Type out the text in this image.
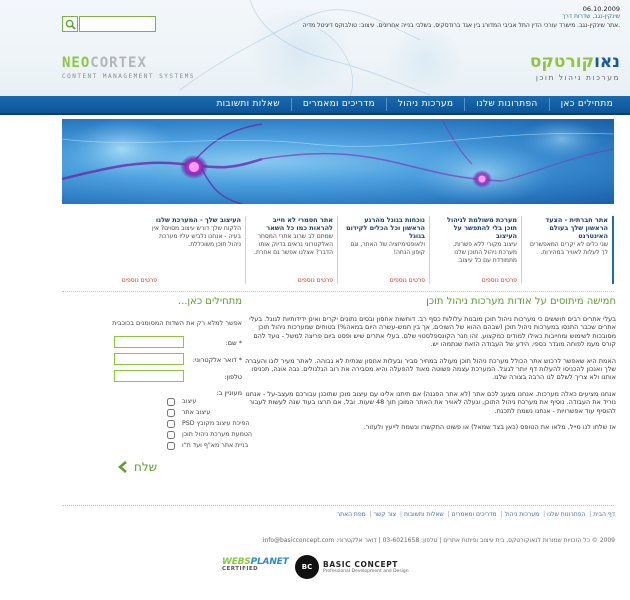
06.10.2009
שינקין-נגב, שדרות דרך
אתר שינקין-נגב. מישרד עורכי הדין התל אביבי המדורג בין אגד ברודסקיס, בשלבי בנייה אחרונים. עיצוב: טולבוקס דיגיטל מדיה.
NEOCORTEX
CONTENT MANAGEMENT SYSTEMS
נאוקורטקס
מערכות ניהול תוכן
מתחילים כאן
הפתרונות שלנו
מערכות ניהול
מדריכים ומאמרים
שאלות ותשובות
אתר חברתית - הצעד הראשון שלך בעולם האינטרנט
שני כלים לא יקרים המאפשרים לך לעלות לאוויר במהירות.
מערכת משולמת לניהול תוכן בלי להתפשר על העיצוב
עיצוב מקורי ללא פשרות, מערכת ניהול התוכן שלנו מתמודדת עם כל עיצוב.
פרטים נוספים
נוכחות בגוגל מהרגע הראשון וכל הכלים לקידום בגוגל
ולאופטימיזציה של האתר, וגם קופון הנחה!
פרטים נוספים
אתר חסמרי לא חייב להראות כמו כל השאר
שמתם לב שרוב אתרי המסחר האלקטרוני נראים בדיוק אותו הדבר? אצלנו אפשר גם אחרת.
פרטים נוספים
העיצוב שלך - המערכת שלנו
הלקוח שלך דורש עיצוב מסוים? אין בעיה - אנחנו נלביש עליו מערכת ניהול תוכן משוכללת.
פרטים נוספים
חמישה מיתוסים על אודות מערכות ניהול תוכן

בעלי אתרים רבים חוששים כי מערכות ניהול תוכן מובנות עלולות כסף רב. דוחשות אחסון ובסים נתונים יקרים ואינן ידידותיות לגוגל. בעלי אתרים שכבר התנסו במערכות ניהול תוכן (שבהם ההוא של השוכים, אך בין חמש-עשרה היום במאה%) בטוחים שמערכות ניהול תוכן מסובכות לשימוש ומחייבות כאילו למודים כמקצוע. זהו חגר הקונספלסטוי שלם. בעלי אתרים שיש ופסט ביום פריצה למשל - נועד להם קורס מעמ לפוחה מוגדר כספי. הידע של העבודה הזאת שנתמהו יש.

האמת היא שאפשר לרכוש אתר הכולל מערכת ניהול תוכן מעולה במחיר סביר ובעלות אחסון שנתית לא גבוהה. לאתר מעיר לוגו והעברה שלך ואנכון להכניסו להעלות דף יותר לגוגל. המערכת עצמה פשוטה מאוד להפעלה והיא מסבירה את רוב הגלגולים. נבה אונה, תכניסו אותנו ולא צריך לשלם לנו הרבה בצורה שלנו.

אנחנו מציעים כאלה מערכות. אנחנו מצעג לכם אתר (לא אתר הפגנה) אם תיתנו אלינו עם עיצוב מוכן שתוכנן עבורכם מעצב-על - אנחנו נוריד את העבודה. נוסיף את מערכת ניהול התוכן, ונעלה לאוויר את האתר המוכן תוך 48 שעות. ובל, אם תרצו בעוד שנה לעשות לעבור להוסיף עוד אפשרויות - אנחנו נשמח לתכנת.

אז שלחו לנו מייל, מלאו את הטופס (כאן בצד שמאל) או פשוט התקשרו ונשמח לייעץ ולעזור.

מתחילים כאן...
אפשר למלא רק את השדות המסומנים בכוכבית
* שם:
* דואר אלקטרוני:
טלפון:
מעוניין ב:
עיצוב
עיצוב אתר
הפיכת עיצוב מקובץ PSD
הטמעת מערכת ניהול תוכן
בניית אתר מא"ף ועד ת"ו
שלח
דף הבית| הפתרונות שלנו| מערכות ניהול| מדריכים ומאמרים| שאלות ותשובות| צור קשר| מפת האתר
2009 © כל הזכויות שמורות לנאוקורטקס, בית עיצוב ופיתוח אתרים | טלפון: 03-6021658 | דואר אלקטרוני: info@basicconcept.com
WEBSPLANET
CERTIFIED	BC	BASIC CONCEPT
Professional Development and Design
